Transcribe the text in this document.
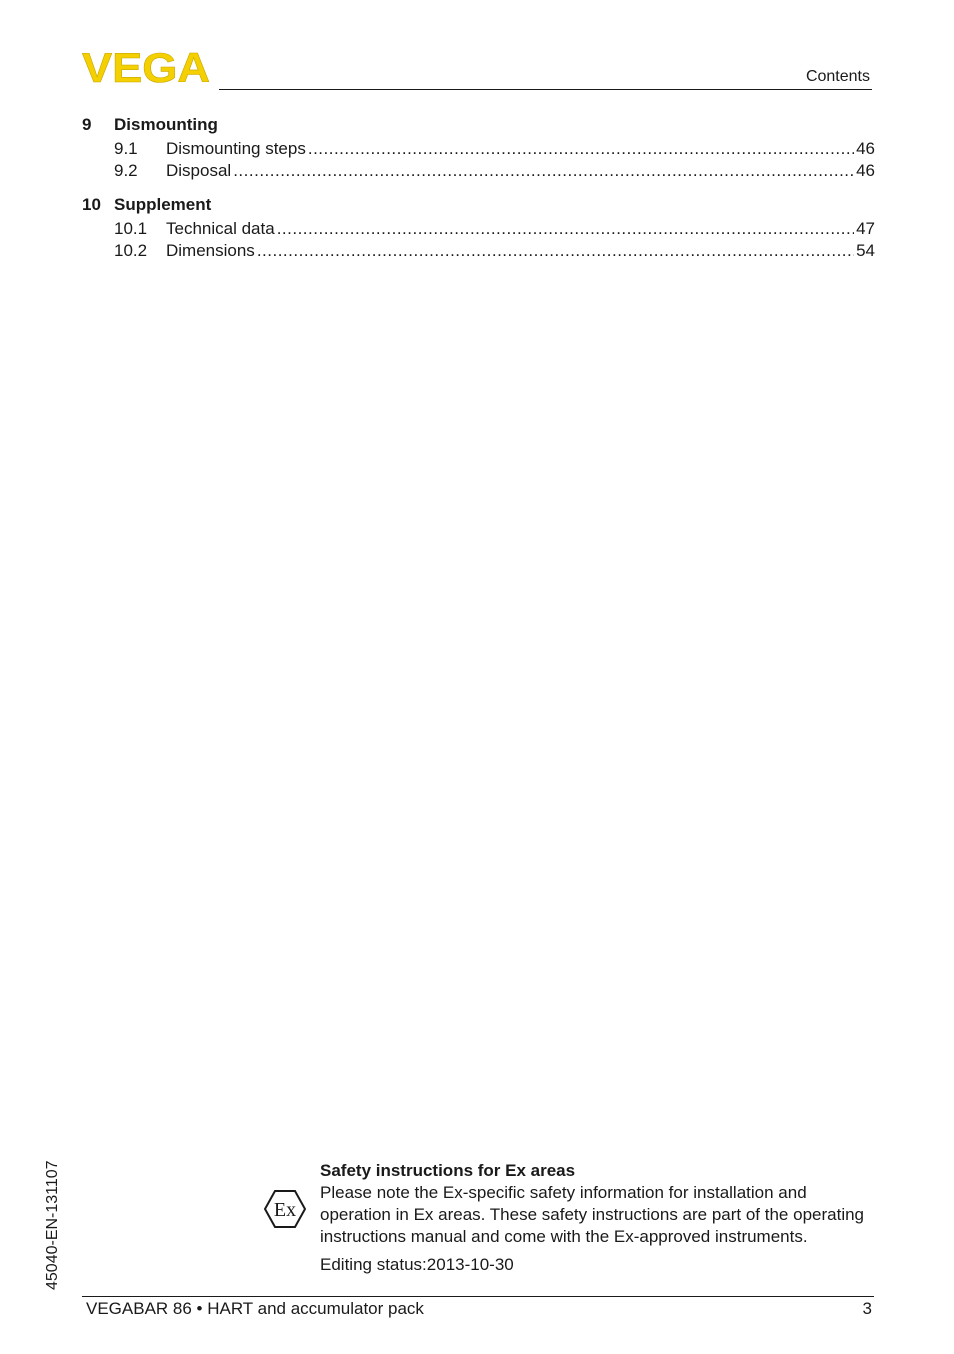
VEGA	Contents
9	Dismounting
9.1	Dismounting steps .....	46
9.2	Disposal .....	46
10 Supplement
10.1	Technical data .....	47
10.2	Dimensions .....	54
45040-EN-131107	Ex
Safety instructions for Ex areas
Please note the Ex-specific safety information for installation and operation in Ex areas. These safety instructions are part of the operating instructions manual and come with the Ex-approved instruments.
Editing status:2013-10-30
VEGABAR 86 • HART and accumulator pack	3
